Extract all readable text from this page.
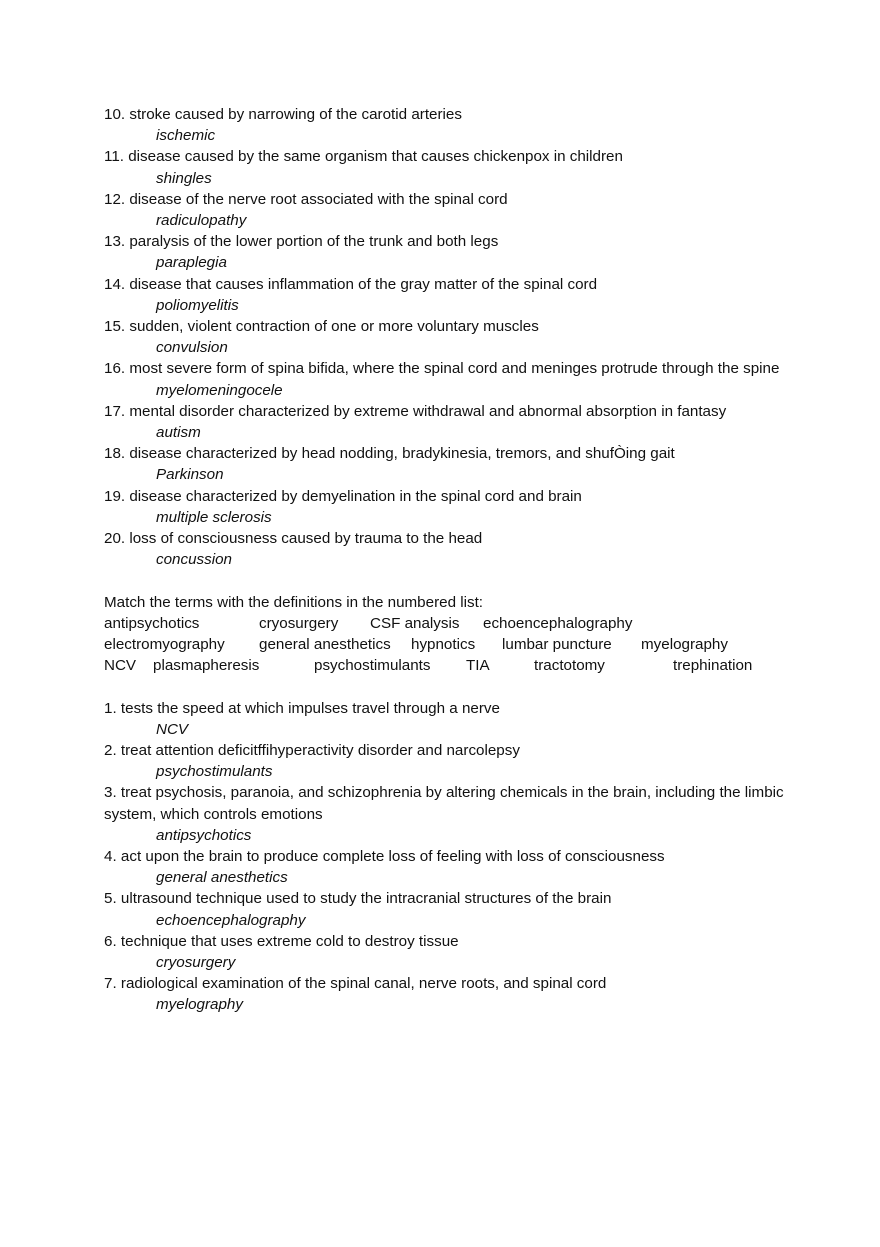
10. stroke caused by narrowing of the carotid arteries

ischemic

11. disease caused by the same organism that causes chickenpox in children

shingles

12. disease of the nerve root associated with the spinal cord

radiculopathy

13. paralysis of the lower portion of the trunk and both legs

paraplegia

14. disease that causes inflammation of the gray matter of the spinal cord

poliomyelitis

15. sudden, violent contraction of one or more voluntary muscles

convulsion

16. most severe form of spina bifida, where the spinal cord and meninges protrude through the spine

myelomeningocele

17. mental disorder characterized by extreme withdrawal and abnormal absorption in fantasy

autism

18. disease characterized by head nodding, bradykinesia, tremors, and shufÒing gait

Parkinson

19. disease characterized by demyelination in the spinal cord and brain

multiple sclerosis

20. loss of consciousness caused by trauma to the head

concussion

Match the terms with the definitions in the numbered list:

antipsychotics	cryosurgery	CSF analysis	echoencephalography
electromyography	general anesthetics	hypnotics	lumbar puncture	myelography
NCV	plasmapheresis	psychostimulants	TIA	tractotomy	trephination

1. tests the speed at which impulses travel through a nerve

NCV

2. treat attention deficitffihyperactivity disorder and narcolepsy

psychostimulants

3. treat psychosis, paranoia, and schizophrenia by altering chemicals in the brain, including the limbic system, which controls emotions

antipsychotics

4. act upon the brain to produce complete loss of feeling with loss of consciousness

general anesthetics

5. ultrasound technique used to study the intracranial structures of the brain

echoencephalography

6. technique that uses extreme cold to destroy tissue

cryosurgery

7. radiological examination of the spinal canal, nerve roots, and spinal cord

myelography
